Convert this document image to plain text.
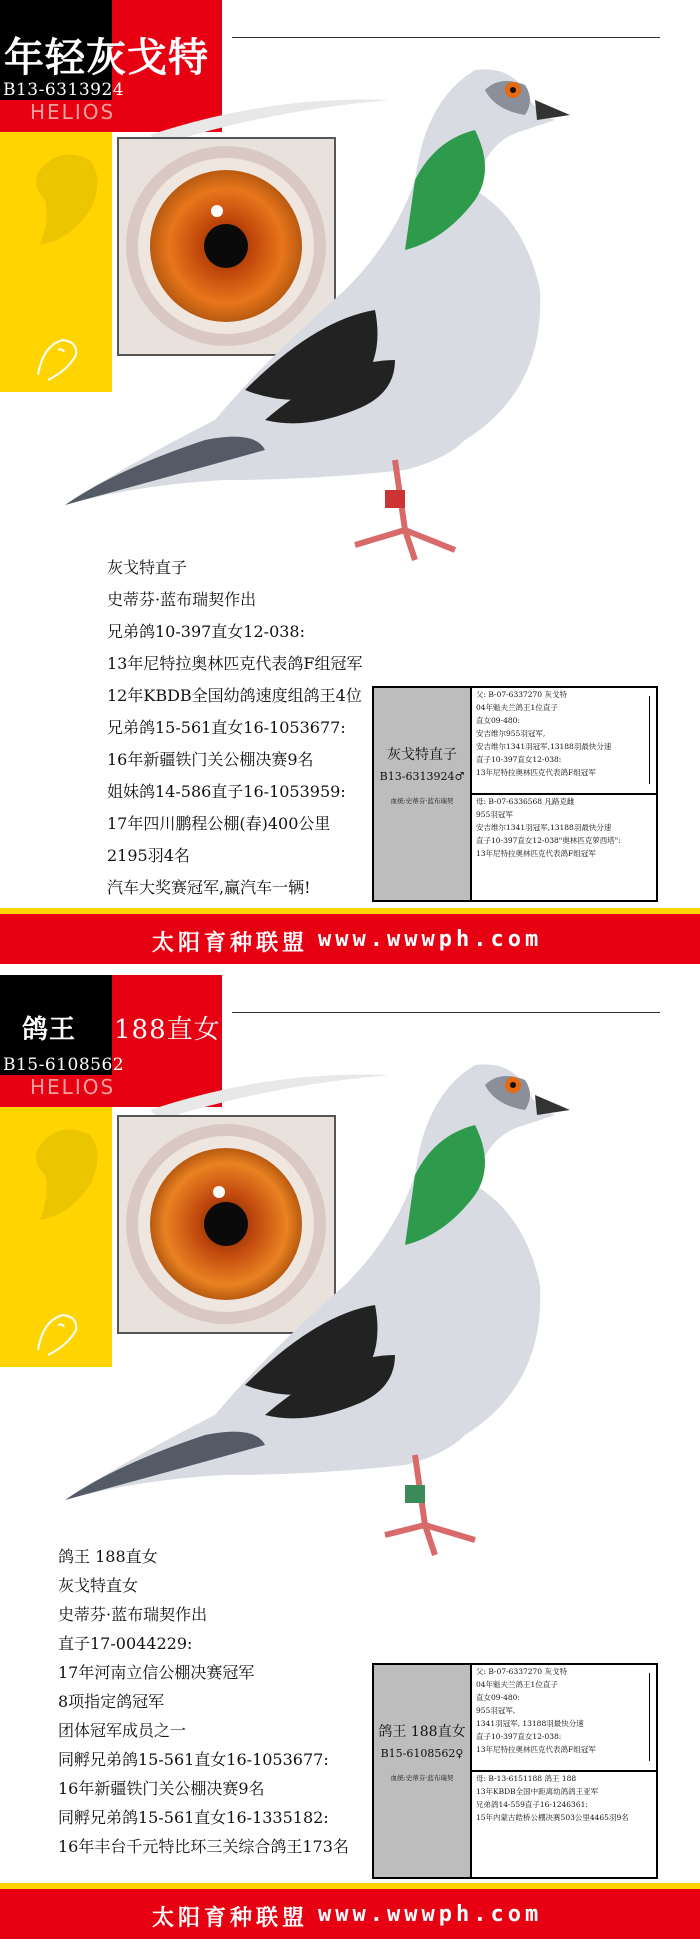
年轻灰戈特
B13-6313924
HELIOS
灰戈特直子
史蒂芬·蓝布瑞契作出
兄弟鸽10-397直女12-038:
13年尼特拉奥林匹克代表鸽F组冠军
12年KBDB全国幼鸽速度组鸽王4位
兄弟鸽15-561直女16-1053677:
16年新疆铁门关公棚决赛9名
姐妹鸽14-586直子16-1053959:
17年四川鹏程公棚(春)400公里
2195羽4名
汽车大奖赛冠军,赢汽车一辆!
灰戈特直子
B13-6313924♂
血统:史蒂芬·蓝布瑞契
父: B-07-6337270 灰戈特
04年魁夫兰鸽王1位直子
直女09-480:
安吉维尔955羽冠军,
安吉维尔1341羽冠军,13188羽最快分速
直子10-397直女12-038:
13年尼特拉奥林匹克代表鸽F组冠军
母: B-07-6336568 凡路克雌
955羽冠军
安吉维尔1341羽冠军,13188羽最快分速
直子10-397直女12-038"奥林匹克萝西塔":
13年尼特拉奥林匹克代表鸽F组冠军
太阳育种联盟 www.wwwph.com
鸽王 188直女
B15-6108562
HELIOS
鸽王 188直女
灰戈特直女
史蒂芬·蓝布瑞契作出
直子17-0044229:
17年河南立信公棚决赛冠军
8项指定鸽冠军
团体冠军成员之一
同孵兄弟鸽15-561直女16-1053677:
16年新疆铁门关公棚决赛9名
同孵兄弟鸽15-561直女16-1335182:
16年丰台千元特比环三关综合鸽王173名
鸽王 188直女
B15-6108562♀
血统:史蒂芬·蓝布瑞契
父: B-07-6337270 灰戈特
04年魁夫兰鸽王1位直子
直女09-480:
955羽冠军,
1341羽冠军, 13188羽最快分速
直子10-397直女12-038:
13年尼特拉奥林匹克代表鸽F组冠军
母: B-13-6151188 鸽王 188
13年KBDB全国中距离幼鸽鸽王亚军
兄弟鸽14-559直子16-1246361:
15年内蒙古皓桥公棚决赛503公里4465羽9名
太阳育种联盟 www.wwwph.com
